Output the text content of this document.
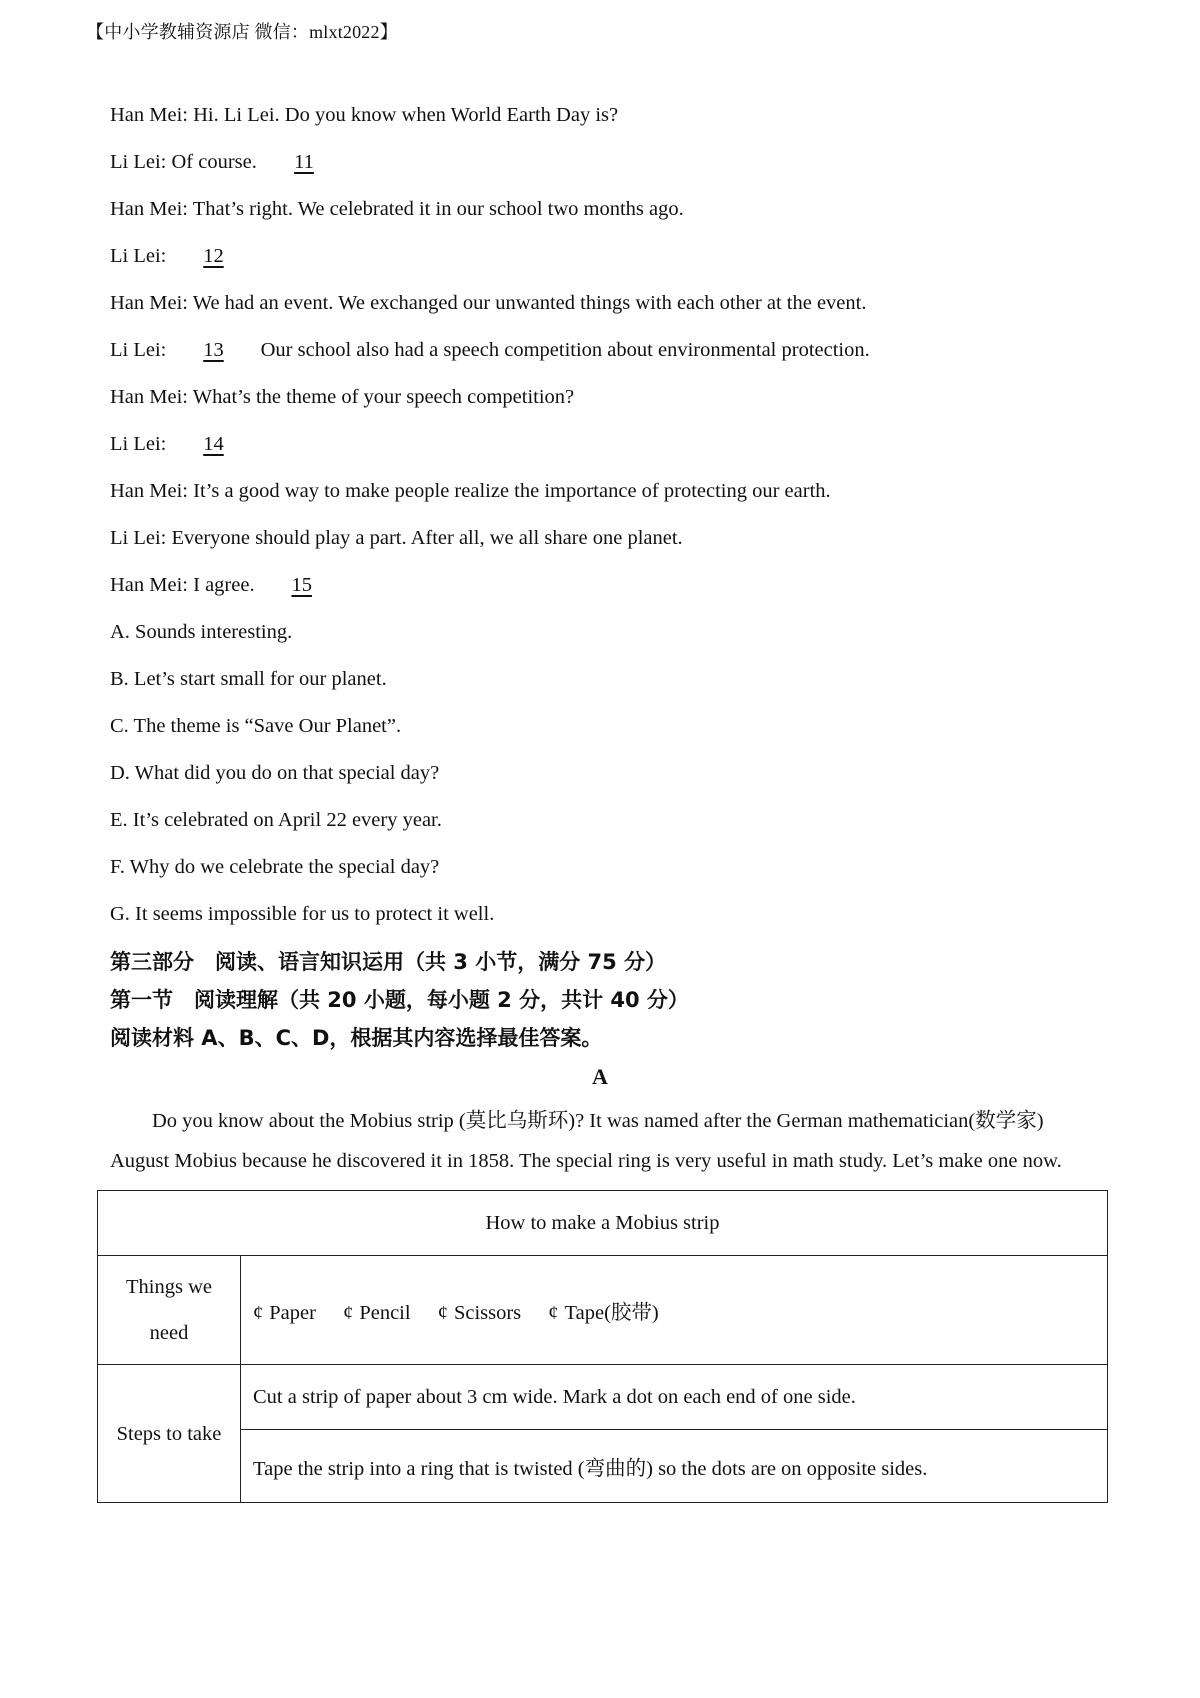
【中小学教辅资源店 微信：mlxt2022】
Han Mei: Hi. Li Lei. Do you know when World Earth Day is?
Li Lei: Of course. 11
Han Mei: That’s right. We celebrated it in our school two months ago.
Li Lei: 12
Han Mei: We had an event. We exchanged our unwanted things with each other at the event.
Li Lei: 13 Our school also had a speech competition about environmental protection.
Han Mei: What’s the theme of your speech competition?
Li Lei: 14
Han Mei: It’s a good way to make people realize the importance of protecting our earth.
Li Lei: Everyone should play a part. After all, we all share one planet.
Han Mei: I agree. 15
A. Sounds interesting.
B. Let’s start small for our planet.
C. The theme is “Save Our Planet”.
D. What did you do on that special day?
E. It’s celebrated on April 22 every year.
F. Why do we celebrate the special day?
G. It seems impossible for us to protect it well.
第三部分　阅读、语言知识运用（共 3 小节，满分 75 分）
第一节　阅读理解（共 20 小题，每小题 2 分，共计 40 分）
阅读材料 A、B、C、D，根据其内容选择最佳答案。
A
Do you know about the Mobius strip (莫比乌斯环)? It was named after the German mathematician(数学家)
August Mobius because he discovered it in 1858. The special ring is very useful in math study. Let’s make one now.
How to make a Mobius strip	
Things we
need	¢ Paper ¢ Pencil ¢ Scissors ¢ Tape(胶带)
Steps to take	Cut a strip of paper about 3 cm wide. Mark a dot on each end of one side.
	Tape the strip into a ring that is twisted (弯曲的) so the dots are on opposite sides.
